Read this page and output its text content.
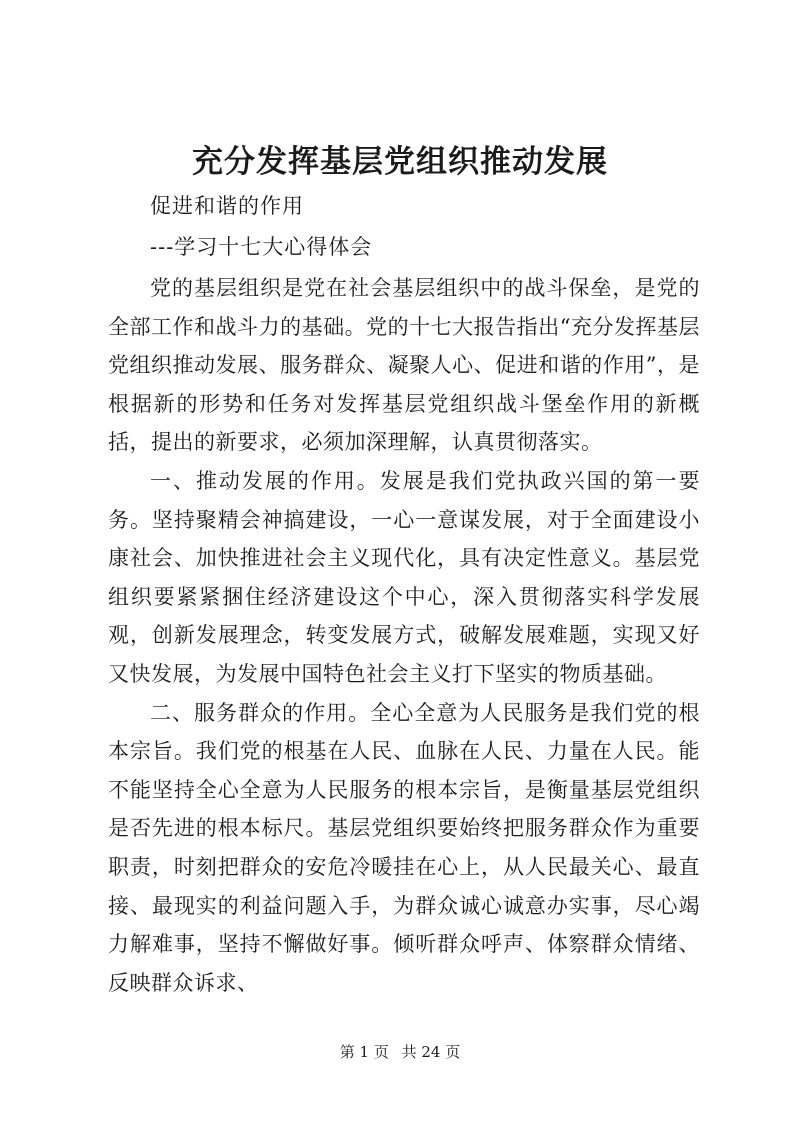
充分发挥基层党组织推动发展
促进和谐的作用
---学习十七大心得体会

党的基层组织是党在社会基层组织中的战斗保垒，是党的全部工作和战斗力的基础。党的十七大报告指出“充分发挥基层党组织推动发展、服务群众、凝聚人心、促进和谐的作用”，是根据新的形势和任务对发挥基层党组织战斗堡垒作用的新概括，提出的新要求，必须加深理解，认真贯彻落实。

一、推动发展的作用。发展是我们党执政兴国的第一要务。坚持聚精会神搞建设，一心一意谋发展，对于全面建设小康社会、加快推进社会主义现代化，具有决定性意义。基层党组织要紧紧捆住经济建设这个中心，深入贯彻落实科学发展观，创新发展理念，转变发展方式，破解发展难题，实现又好又快发展，为发展中国特色社会主义打下坚实的物质基础。

二、服务群众的作用。全心全意为人民服务是我们党的根本宗旨。我们党的根基在人民、血脉在人民、力量在人民。能不能坚持全心全意为人民服务的根本宗旨，是衡量基层党组织是否先进的根本标尺。基层党组织要始终把服务群众作为重要职责，时刻把群众的安危冷暖挂在心上，从人民最关心、最直接、最现实的利益问题入手，为群众诚心诚意办实事，尽心竭力解难事，坚持不懈做好事。倾听群众呼声、体察群众情绪、反映群众诉求、

第 1 页 共 24 页
